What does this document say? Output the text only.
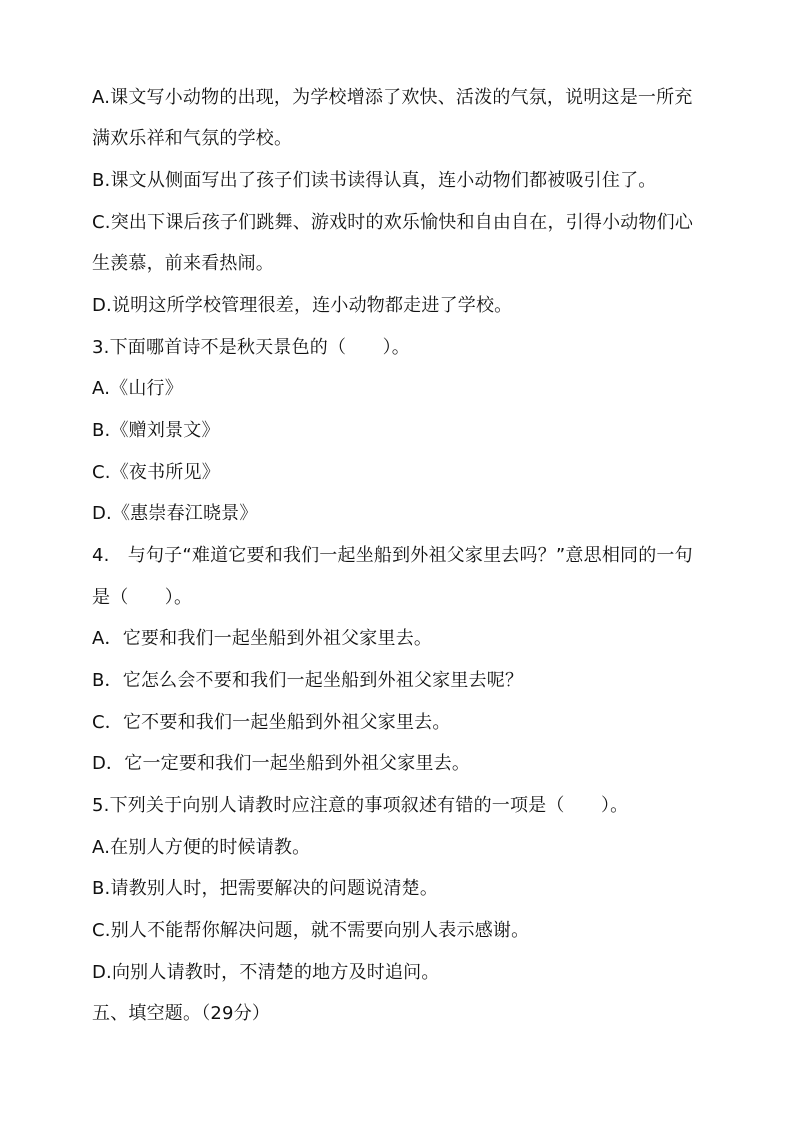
A.课文写小动物的出现，为学校增添了欢快、活泼的气氛，说明这是一所充
满欢乐祥和气氛的学校。
B.课文从侧面写出了孩子们读书读得认真，连小动物们都被吸引住了。
C.突出下课后孩子们跳舞、游戏时的欢乐愉快和自由自在，引得小动物们心
生羡慕，前来看热闹。
D.说明这所学校管理很差，连小动物都走进了学校。
3.下面哪首诗不是秋天景色的（　　）。
A.《山行》
B.《赠刘景文》
C.《夜书所见》
D.《惠崇春江晓景》
4.　与句子“难道它要和我们一起坐船到外祖父家里去吗？”意思相同的一句
是（　　）。
A．它要和我们一起坐船到外祖父家里去。
B．它怎么会不要和我们一起坐船到外祖父家里去呢？
C．它不要和我们一起坐船到外祖父家里去。
D．它一定要和我们一起坐船到外祖父家里去。
5.下列关于向别人请教时应注意的事项叙述有错的一项是（　　）。
A.在别人方便的时候请教。
B.请教别人时，把需要解决的问题说清楚。
C.别人不能帮你解决问题，就不需要向别人表示感谢。
D.向别人请教时，不清楚的地方及时追问。
五、填空题。（29分）
